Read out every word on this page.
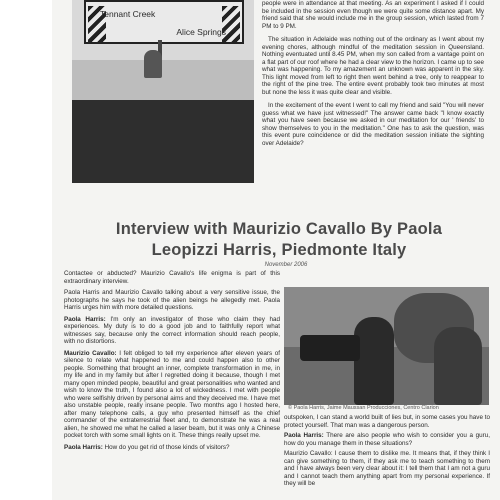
Tennant Creek
Alice Springs

people were in attendance at that meeting. As an experiment I asked if I could be included in the session even though we were quite some distance apart. My friend said that she would include me in the group session, which lasted from 7 PM to 9 PM.

The situation in Adelaide was nothing out of the ordinary as I went about my evening chores, although mindful of the meditation session in Queensland. Nothing eventuated until 8.45 PM, when my son called from a vantage point on a flat part of our roof where he had a clear view to the horizon. I came up to see what was happening. To my amazement an unknown was apparent in the sky. This light moved from left to right then went behind a tree, only to reappear to the right of the pine tree. The entire event probably took two minutes at most but none the less it was quite clear and visible.

In the excitement of the event I went to call my friend and said "You will never guess what we have just witnessed!" The answer came back "I know exactly what you have seen because we asked in our meditation for our ' friends' to show themselves to you in the meditation." One has to ask the question, was this event pure coincidence or did the meditation session initiate the sighting over Adelaide?

Interview with Maurizio Cavallo By Paola
Leopizzi Harris, Piedmonte Italy
November 2006

Contactee or abducted? Maurizio Cavallo's life enigma is part of this extraordinary interview.

Paola Harris and Maurizio Cavallo talking about a very sensitive issue, the photographs he says he took of the alien beings he allegedly met. Paola Harris urges him with more detailed questions.

Paola Harris: I'm only an investigator of those who claim they had experiences. My duty is to do a good job and to faithfully report what witnesses say, because only the correct information should reach people, with no distortions.

Maurizio Cavallo: I felt obliged to tell my experience after eleven years of silence to relate what happened to me and could happen also to other people. Something that brought an inner, complete transformation in me, in my life and in my family but after I regretted doing it because, though I met many open minded people, beautiful and great personalities who wanted and wish to know the truth, I found also a lot of wickedness. I met with people who were selfishly driven by personal aims and they deceived me. I have met also unstable people, really insane people. Two months ago I hosted here, after many telephone calls, a guy who presented himself as the chief commander of the extraterrestrial fleet and, to demonstrate he was a real alien, he showed me what he called a laser beam, but it was only a Chinese pocket torch with some small lights on it. These things really upset me.

Paola Harris: How do you get rid of those kinds of visitors?

© Paola Harris, Jaime Maussan Producciones, Centro Clarion

outspoken, I can stand a world built of lies but, in some cases you have to protect yourself. That man was a dangerous person.

Paola Harris: There are also people who wish to consider you a guru, how do you manage them in these situations?

Maurizio Cavallo: I cause them to dislike me. It means that, if they think I can give something to them, if they ask me to teach something to them and I have always been very clear about it: I tell them that I am not a guru and I cannot teach them anything apart from my personal experience. If they will be
